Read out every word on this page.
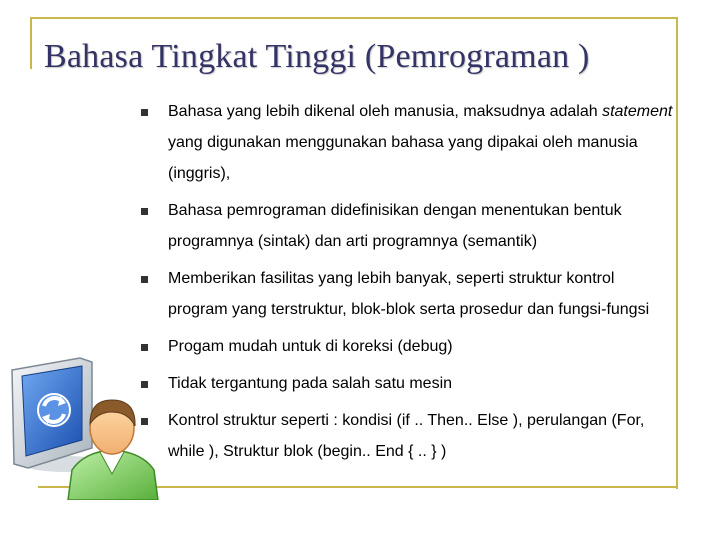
Bahasa Tingkat Tinggi (Pemrograman )
Bahasa yang lebih dikenal oleh manusia, maksudnya adalah statement yang digunakan menggunakan bahasa yang dipakai oleh manusia (inggris),
Bahasa pemrograman didefinisikan dengan menentukan bentuk programnya (sintak) dan arti programnya (semantik)
Memberikan fasilitas yang lebih banyak, seperti struktur kontrol program yang terstruktur, blok-blok serta prosedur dan fungsi-fungsi
Progam mudah untuk di koreksi (debug)
Tidak tergantung pada salah satu mesin
Kontrol struktur seperti : kondisi (if .. Then.. Else ), perulangan (For, while ), Struktur blok (begin.. End { .. } )
